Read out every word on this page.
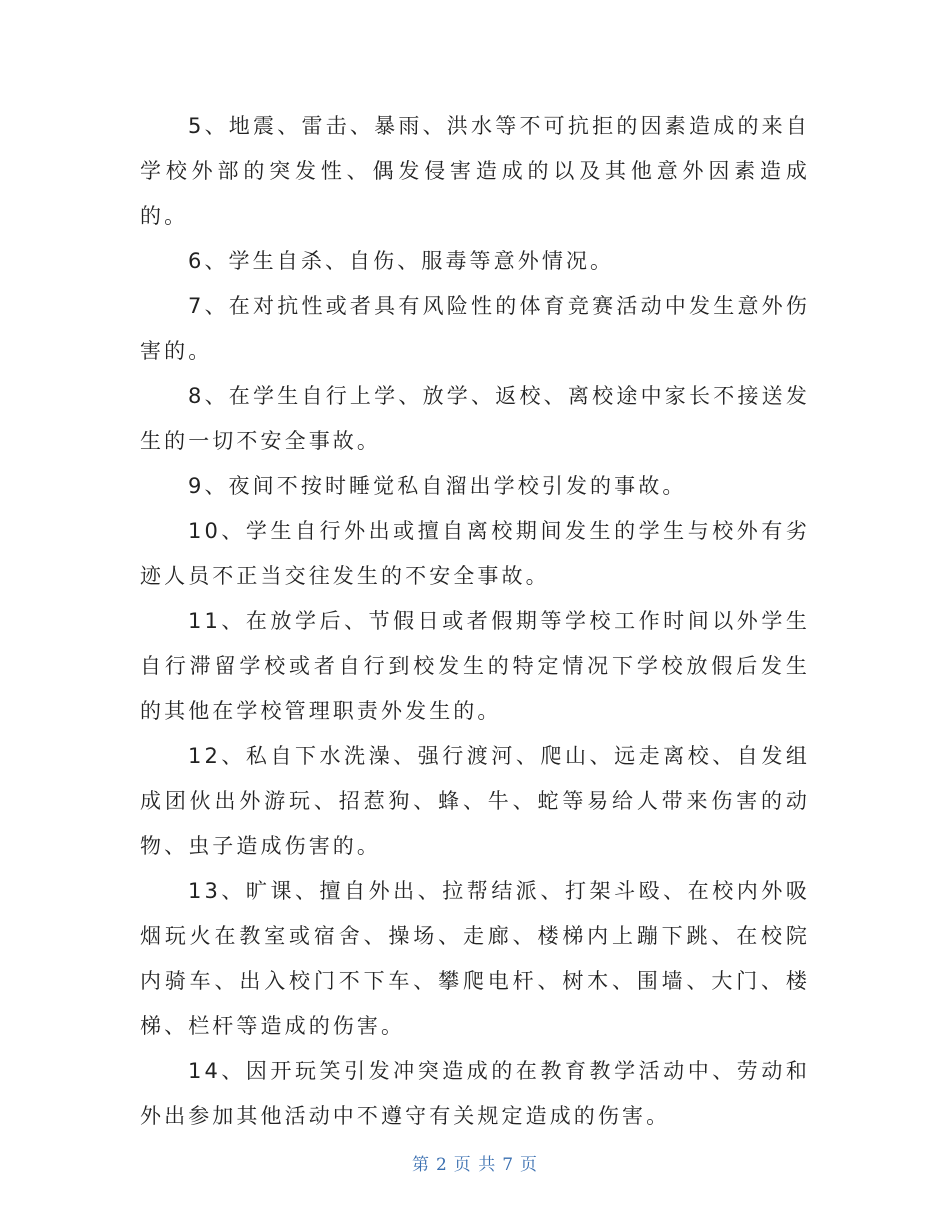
5、地震、雷击、暴雨、洪水等不可抗拒的因素造成的来自学校外部的突发性、偶发侵害造成的以及其他意外因素造成的。

6、学生自杀、自伤、服毒等意外情况。

7、在对抗性或者具有风险性的体育竞赛活动中发生意外伤害的。

8、在学生自行上学、放学、返校、离校途中家长不接送发生的一切不安全事故。

9、夜间不按时睡觉私自溜出学校引发的事故。

10、学生自行外出或擅自离校期间发生的学生与校外有劣迹人员不正当交往发生的不安全事故。

11、在放学后、节假日或者假期等学校工作时间以外学生自行滞留学校或者自行到校发生的特定情况下学校放假后发生的其他在学校管理职责外发生的。

12、私自下水洗澡、强行渡河、爬山、远走离校、自发组成团伙出外游玩、招惹狗、蜂、牛、蛇等易给人带来伤害的动物、虫子造成伤害的。

13、旷课、擅自外出、拉帮结派、打架斗殴、在校内外吸烟玩火在教室或宿舍、操场、走廊、楼梯内上蹦下跳、在校院内骑车、出入校门不下车、攀爬电杆、树木、围墙、大门、楼梯、栏杆等造成的伤害。

14、因开玩笑引发冲突造成的在教育教学活动中、劳动和外出参加其他活动中不遵守有关规定造成的伤害。

第 2 页 共 7 页
